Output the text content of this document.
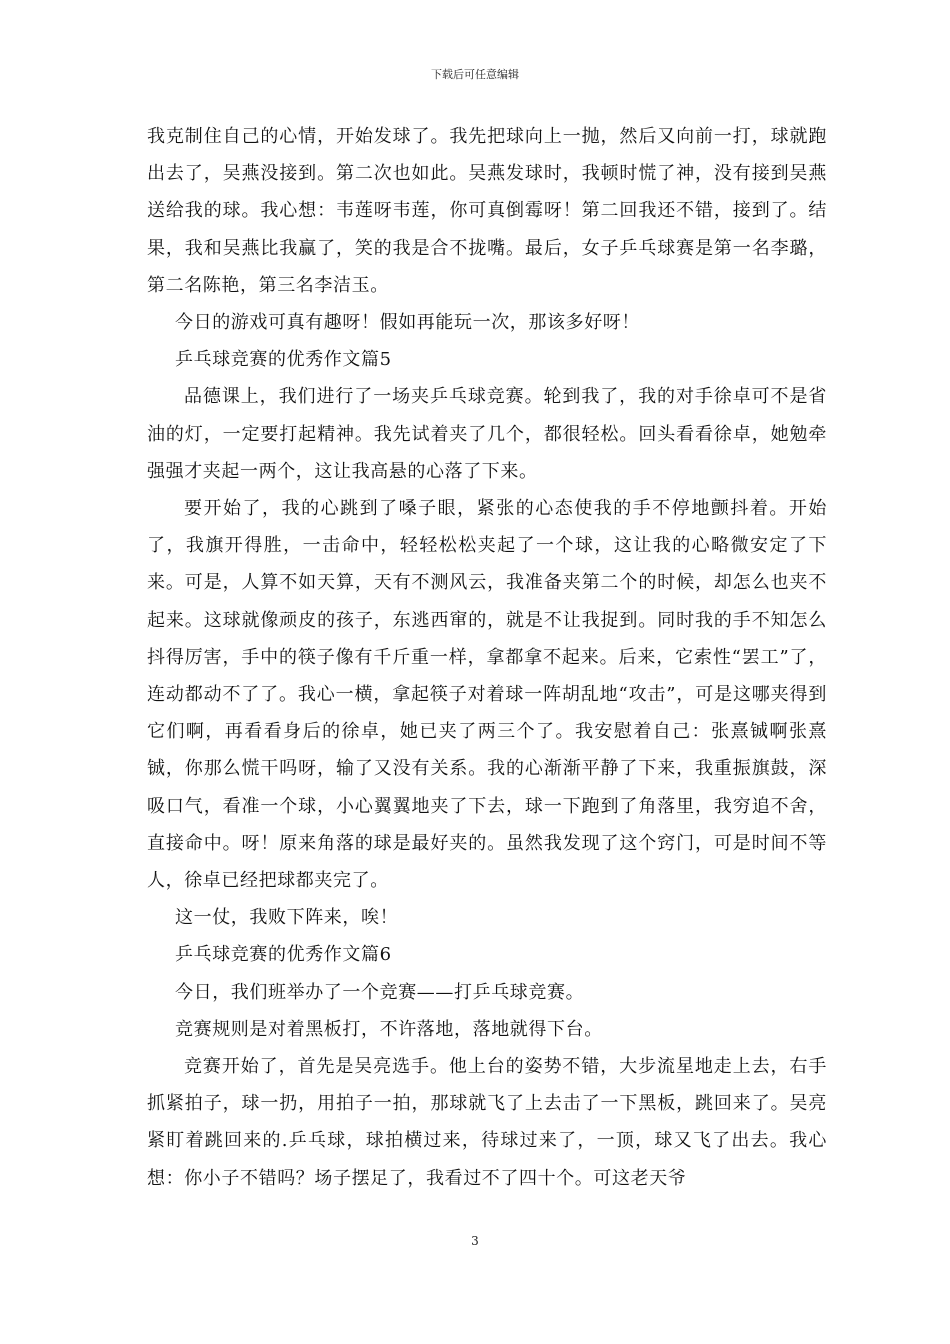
下载后可任意编辑

我克制住自己的心情，开始发球了。我先把球向上一抛，然后又向前一打，球就跑出去了，吴燕没接到。第二次也如此。吴燕发球时，我顿时慌了神，没有接到吴燕送给我的球。我心想：韦莲呀韦莲，你可真倒霉呀！第二回我还不错，接到了。结果，我和吴燕比我赢了，笑的我是合不拢嘴。最后，女子乒乓球赛是第一名李璐，第二名陈艳，第三名李洁玉。

今日的游戏可真有趣呀！假如再能玩一次，那该多好呀！

乒乓球竞赛的优秀作文篇5

品德课上，我们进行了一场夹乒乓球竞赛。轮到我了，我的对手徐卓可不是省油的灯，一定要打起精神。我先试着夹了几个，都很轻松。回头看看徐卓，她勉牵强强才夹起一两个，这让我高悬的心落了下来。

要开始了，我的心跳到了嗓子眼，紧张的心态使我的手不停地颤抖着。开始了，我旗开得胜，一击命中，轻轻松松夹起了一个球，这让我的心略微安定了下来。可是，人算不如天算，天有不测风云，我准备夹第二个的时候，却怎么也夹不起来。这球就像顽皮的孩子，东逃西窜的，就是不让我捉到。同时我的手不知怎么抖得厉害，手中的筷子像有千斤重一样，拿都拿不起来。后来，它索性“罢工”了，连动都动不了了。我心一横，拿起筷子对着球一阵胡乱地“攻击”，可是这哪夹得到它们啊，再看看身后的徐卓，她已夹了两三个了。我安慰着自己：张熹铖啊张熹铖，你那么慌干吗呀，输了又没有关系。我的心渐渐平静了下来，我重振旗鼓，深吸口气，看准一个球，小心翼翼地夹了下去，球一下跑到了角落里，我穷追不舍，直接命中。呀！原来角落的球是最好夹的。虽然我发现了这个窍门，可是时间不等人，徐卓已经把球都夹完了。

这一仗，我败下阵来，唉！

乒乓球竞赛的优秀作文篇6

今日，我们班举办了一个竞赛——打乒乓球竞赛。

竞赛规则是对着黑板打，不许落地，落地就得下台。

竞赛开始了，首先是吴亮选手。他上台的姿势不错，大步流星地走上去，右手抓紧拍子，球一扔，用拍子一拍，那球就飞了上去击了一下黑板，跳回来了。吴亮紧盯着跳回来的.乒乓球，球拍横过来，待球过来了，一顶，球又飞了出去。我心想：你小子不错吗？场子摆足了，我看过不了四十个。可这老天爷

3
